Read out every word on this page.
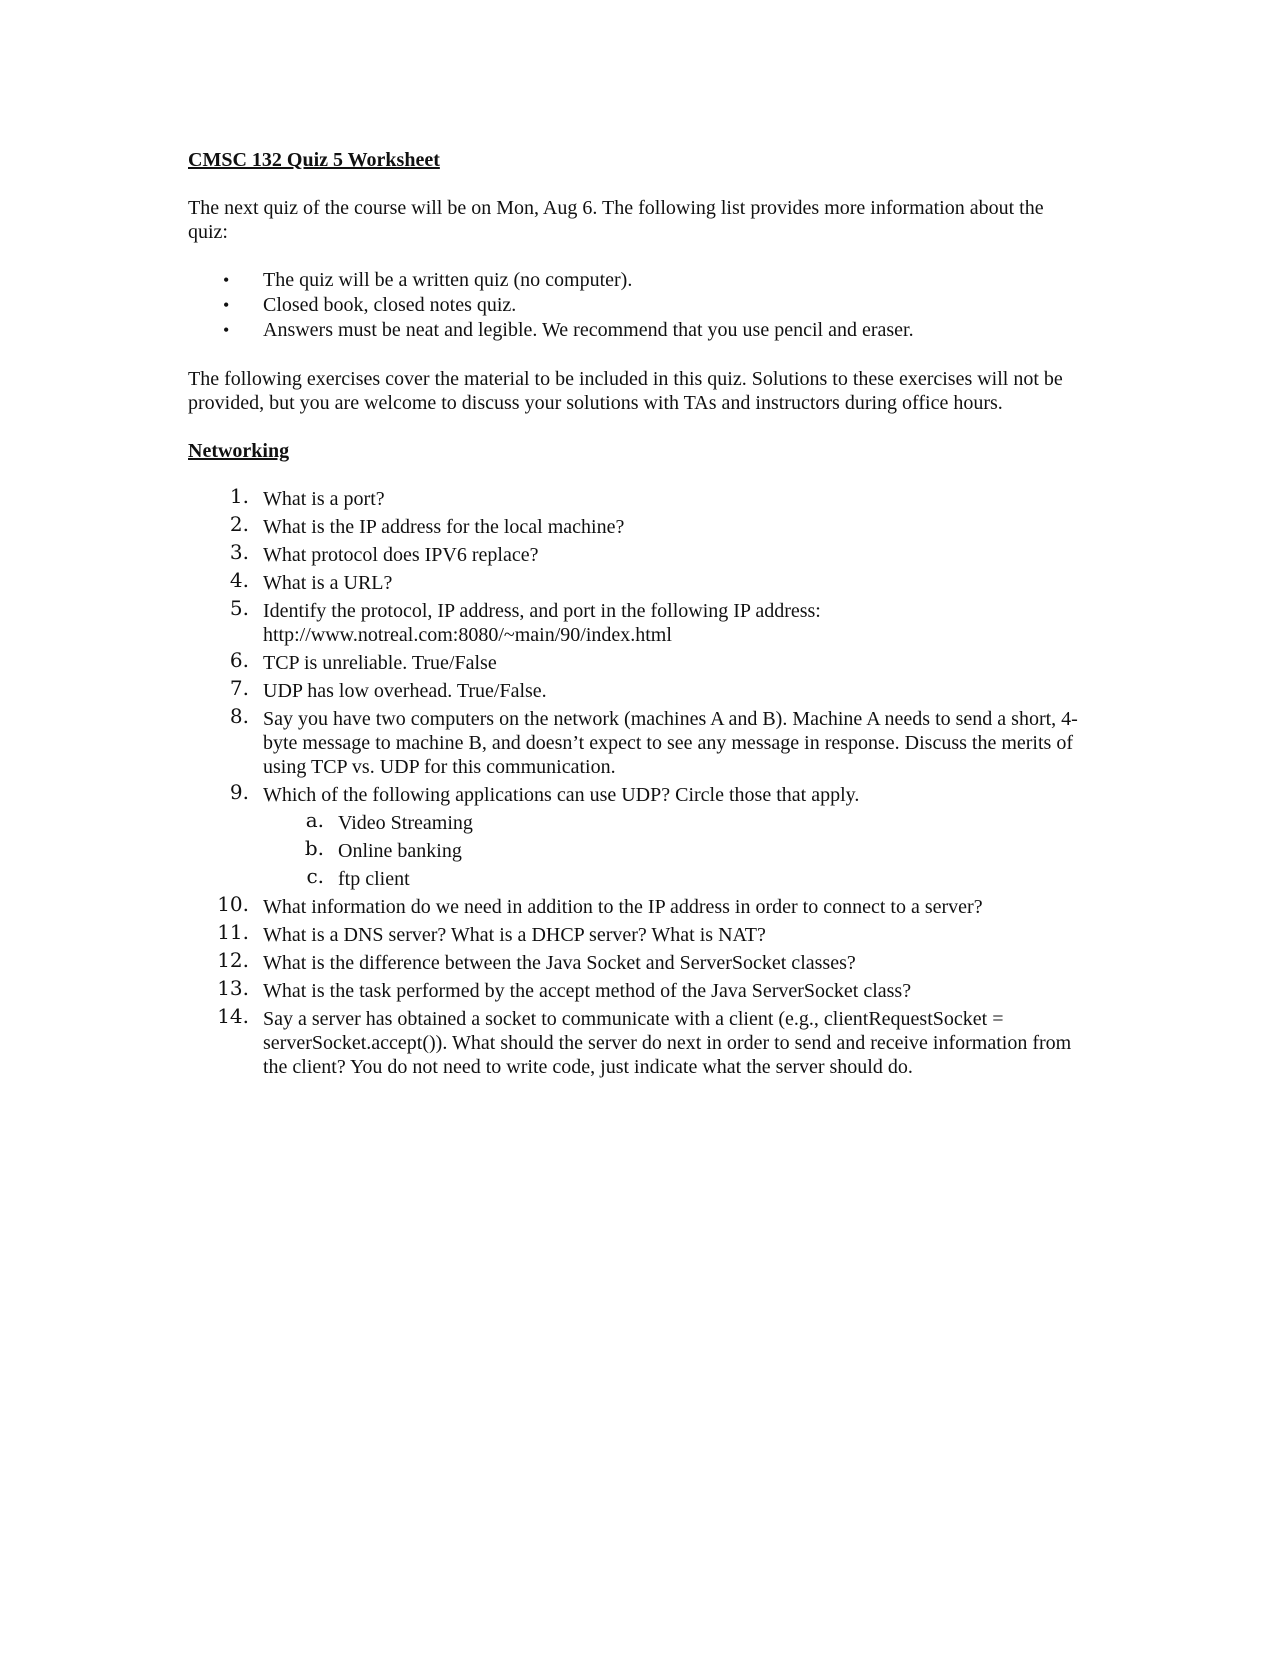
CMSC 132 Quiz 5 Worksheet

The next quiz of the course will be on Mon, Aug 6. The following list provides more information about the quiz:

• The quiz will be a written quiz (no computer).
• Closed book, closed notes quiz.
• Answers must be neat and legible. We recommend that you use pencil and eraser.

The following exercises cover the material to be included in this quiz. Solutions to these exercises will not be provided, but you are welcome to discuss your solutions with TAs and instructors during office hours.

Networking
1. What is a port?
2. What is the IP address for the local machine?
3. What protocol does IPV6 replace?
4. What is a URL?
5. Identify the protocol, IP address, and port in the following IP address:
http://www.notreal.com:8080/~main/90/index.html
6. TCP is unreliable. True/False
7. UDP has low overhead. True/False.
8. Say you have two computers on the network (machines A and B). Machine A needs to send a short, 4-byte message to machine B, and doesn’t expect to see any message in response. Discuss the merits of using TCP vs. UDP for this communication.
9. Which of the following applications can use UDP? Circle those that apply.
a. Video Streaming
b. Online banking
c. ftp client
10. What information do we need in addition to the IP address in order to connect to a server?
11. What is a DNS server? What is a DHCP server? What is NAT?
12. What is the difference between the Java Socket and ServerSocket classes?
13. What is the task performed by the accept method of the Java ServerSocket class?
14. Say a server has obtained a socket to communicate with a client (e.g., clientRequestSocket = serverSocket.accept()). What should the server do next in order to send and receive information from the client? You do not need to write code, just indicate what the server should do.
